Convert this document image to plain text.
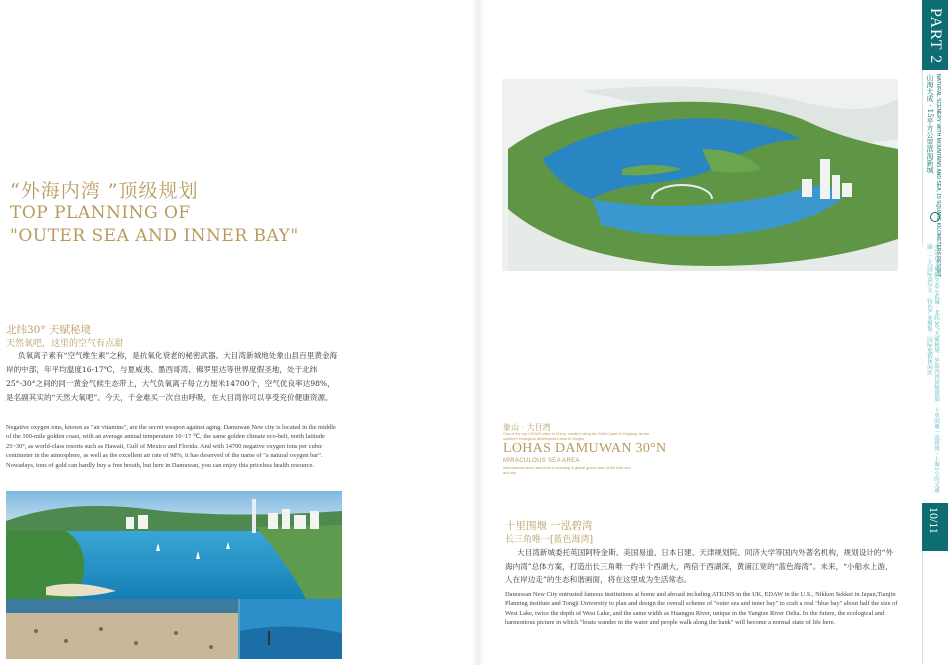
“外海内湾 ”顶级规划
TOP PLANNING OF
"OUTER SEA AND INNER BAY"
北纬30° 天赋秘境
天然氧吧，这里的空气有点甜
负氧离子素有“空气维生素”之称，是抗氧化衰老的秘密武器。大目湾新城地处象山县百里黄金海岸的中部，年平均温度16-17℃，与夏威夷、墨西哥湾、佛罗里达等世界度假圣地，处于北纬25°-30°之间的同一黄金气候生态带上，大气负氧离子每立方厘米14700个，空气优良率达98%，是名副其实的“天然大氧吧”。今天，千金难买一次自由呼吸，在大目湾你可以享受充价健康资源。
Negative oxygen ions, known as "air vitamins", are the secret weapon against aging. Damuwan New city is located in the middle of the 100-mile golden coast, with an average annual temperature 16~17 ℃, the same golden climate eco-belt, north latitude 25~30°, as world-class resorts such as Hawaii, Gulf of Mexico and Florida. And with 14700 negative oxygen ions per cubic centimeter in the atmosphere, as well as the excellent air rate of 98%, it has deserved of the name of "a natural oxygen bar". Nowadays, tons of gold can hardly buy a free breath, but here in Damuwan, you can enjoy this priceless health resource.
象山 · 大目湾
One of the top LOHAS cities in China, created using the Gold Coast of Zhejiang, as the southern ecological development area in Ningbo
LOHAS DAMUWAN 30°N
MIRACULOUS SEA AREA
International resort area that is stunning in global grand view of the blue sea and sky
十里围堰 一泓碧湾
长三角唯一[蓝色海湾]
大目湾新城委托英国阿特金斯、美国易道、日本日建、天津规划院、同济大学等国内外著名机构，规划设计的“外海内湾”总体方案，打造出长三角唯一约半个西湖大，两倍于西湖深，黄浦江宽的“蓝色海湾”。未来，“小船水上游，人在岸边走”的生态和谐画面，将在这里成为生活常态。
Damuwan New City entrusted famous institutions at home and abroad including ATKINS in the UK, EDAW in the U.S., Nikken Sekkei in Japan,Tianjin Planning institute and Tongji University to plan and design the overall scheme of "outer sea and inner bay" to craft a real "blue bay" about half the size of West Lake, twice the depth of West Lake, and the same width as Huangpu River, unique in the Yangtze River Delta. In the future, the ecological and harmonious picture in which "boats wander in the water and people walk along the bank" will become a normal state of life here.
PART 2
山海大成 · 15平方公里滨海新城 NATURAL SCENERY WITH MOUNTAINS AND SEA, 15 SQUARE KILOMETERS RESORT
全国首个低碳生态示范城 · 北纬30°天赋秘境 · 外海内湾顶级规划 · 十里围堰一泓碧湾 · 上海1小时交通圈 · 三大国际高尔夫 · 特色产业聚集 · 国际度假休闲区
10/11
